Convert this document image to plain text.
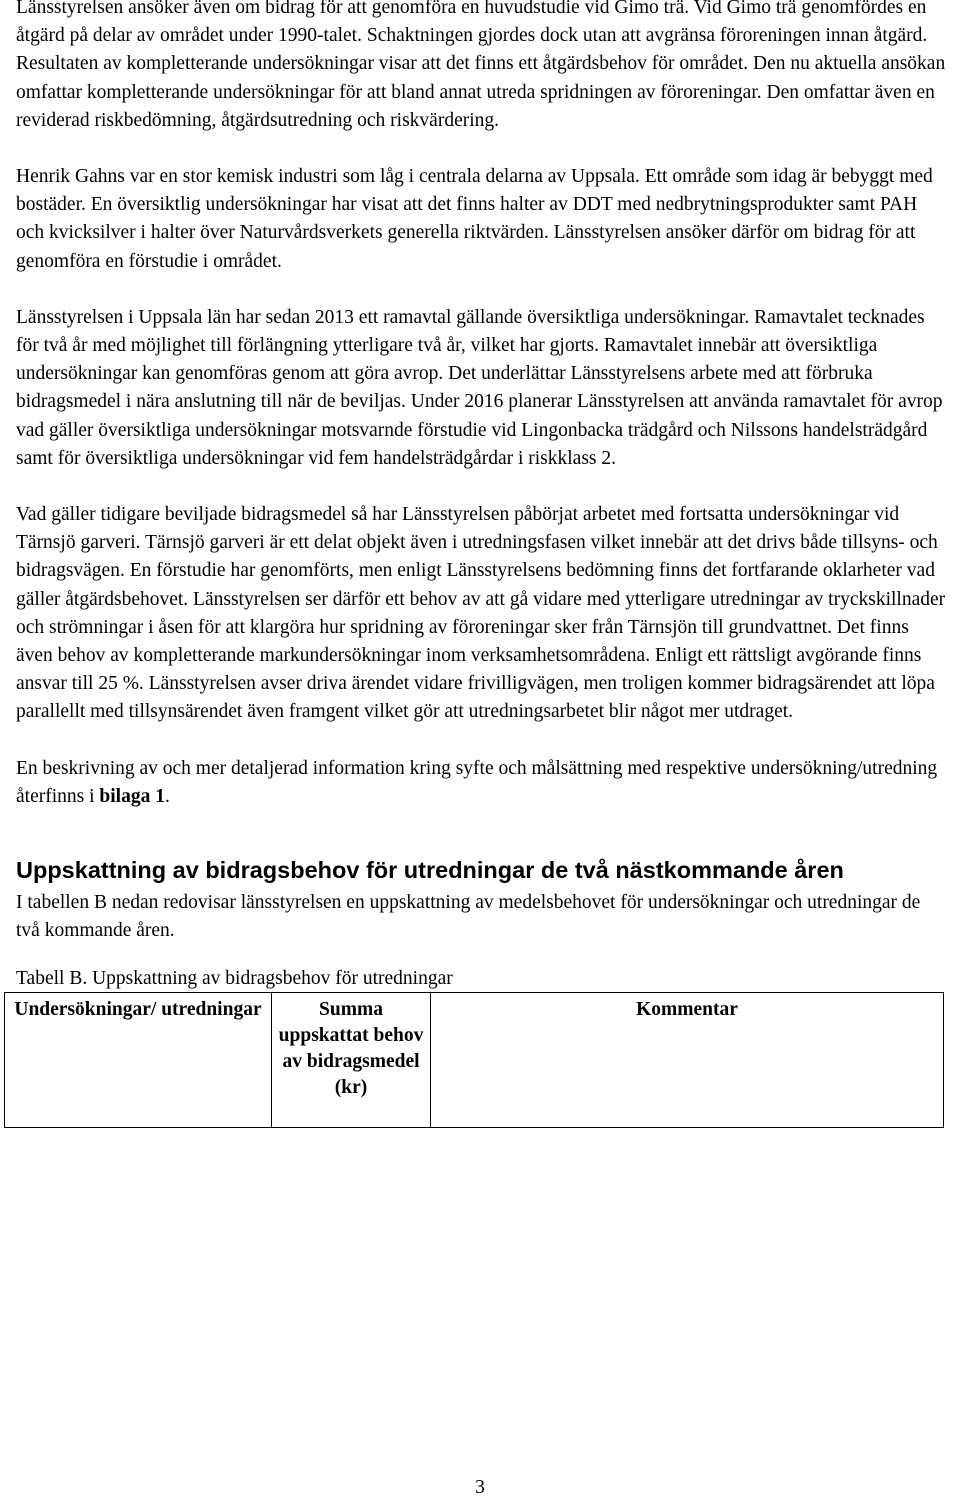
Länsstyrelsen ansöker även om bidrag för att genomföra en huvudstudie vid Gimo trä. Vid Gimo trä genomfördes en åtgärd på delar av området under 1990-talet. Schaktningen gjordes dock utan att avgränsa föroreningen innan åtgärd. Resultaten av kompletterande undersökningar visar att det finns ett åtgärdsbehov för området. Den nu aktuella ansökan omfattar kompletterande undersökningar för att bland annat utreda spridningen av föroreningar. Den omfattar även en reviderad riskbedömning, åtgärdsutredning och riskvärdering.

Henrik Gahns var en stor kemisk industri som låg i centrala delarna av Uppsala. Ett område som idag är bebyggt med bostäder. En översiktlig undersökningar har visat att det finns halter av DDT med nedbrytningsprodukter samt PAH och kvicksilver i halter över Naturvårdsverkets generella riktvärden. Länsstyrelsen ansöker därför om bidrag för att genomföra en förstudie i området.

Länsstyrelsen i Uppsala län har sedan 2013 ett ramavtal gällande översiktliga undersökningar. Ramavtalet tecknades för två år med möjlighet till förlängning ytterligare två år, vilket har gjorts. Ramavtalet innebär att översiktliga undersökningar kan genomföras genom att göra avrop. Det underlättar Länsstyrelsens arbete med att förbruka bidragsmedel i nära anslutning till när de beviljas. Under 2016 planerar Länsstyrelsen att använda ramavtalet för avrop vad gäller översiktliga undersökningar motsvarnde förstudie vid Lingonbacka trädgård och Nilssons handelsträdgård samt för översiktliga undersökningar vid fem handelsträdgårdar i riskklass 2.

Vad gäller tidigare beviljade bidragsmedel så har Länsstyrelsen påbörjat arbetet med fortsatta undersökningar vid Tärnsjö garveri. Tärnsjö garveri är ett delat objekt även i utredningsfasen vilket innebär att det drivs både tillsyns- och bidragsvägen. En förstudie har genomförts, men enligt Länsstyrelsens bedömning finns det fortfarande oklarheter vad gäller åtgärdsbehovet. Länsstyrelsen ser därför ett behov av att gå vidare med ytterligare utredningar av tryckskillnader och strömningar i åsen för att klargöra hur spridning av föroreningar sker från Tärnsjön till grundvattnet. Det finns även behov av kompletterande markundersökningar inom verksamhetsområdena. Enligt ett rättsligt avgörande finns ansvar till 25 %. Länsstyrelsen avser driva ärendet vidare frivilligvägen, men troligen kommer bidragsärendet att löpa parallellt med tillsynsärendet även framgent vilket gör att utredningsarbetet blir något mer utdraget.

En beskrivning av och mer detaljerad information kring syfte och målsättning med respektive undersökning/utredning återfinns i bilaga 1.

Uppskattning av bidragsbehov för utredningar de två nästkommande åren

I tabellen B nedan redovisar länsstyrelsen en uppskattning av medelsbehovet för undersökningar och utredningar de två kommande åren.

Tabell B. Uppskattning av bidragsbehov för utredningar

Undersökningar/ utredningar	Summa uppskattat behov av bidragsmedel (kr)	Kommentar
3
